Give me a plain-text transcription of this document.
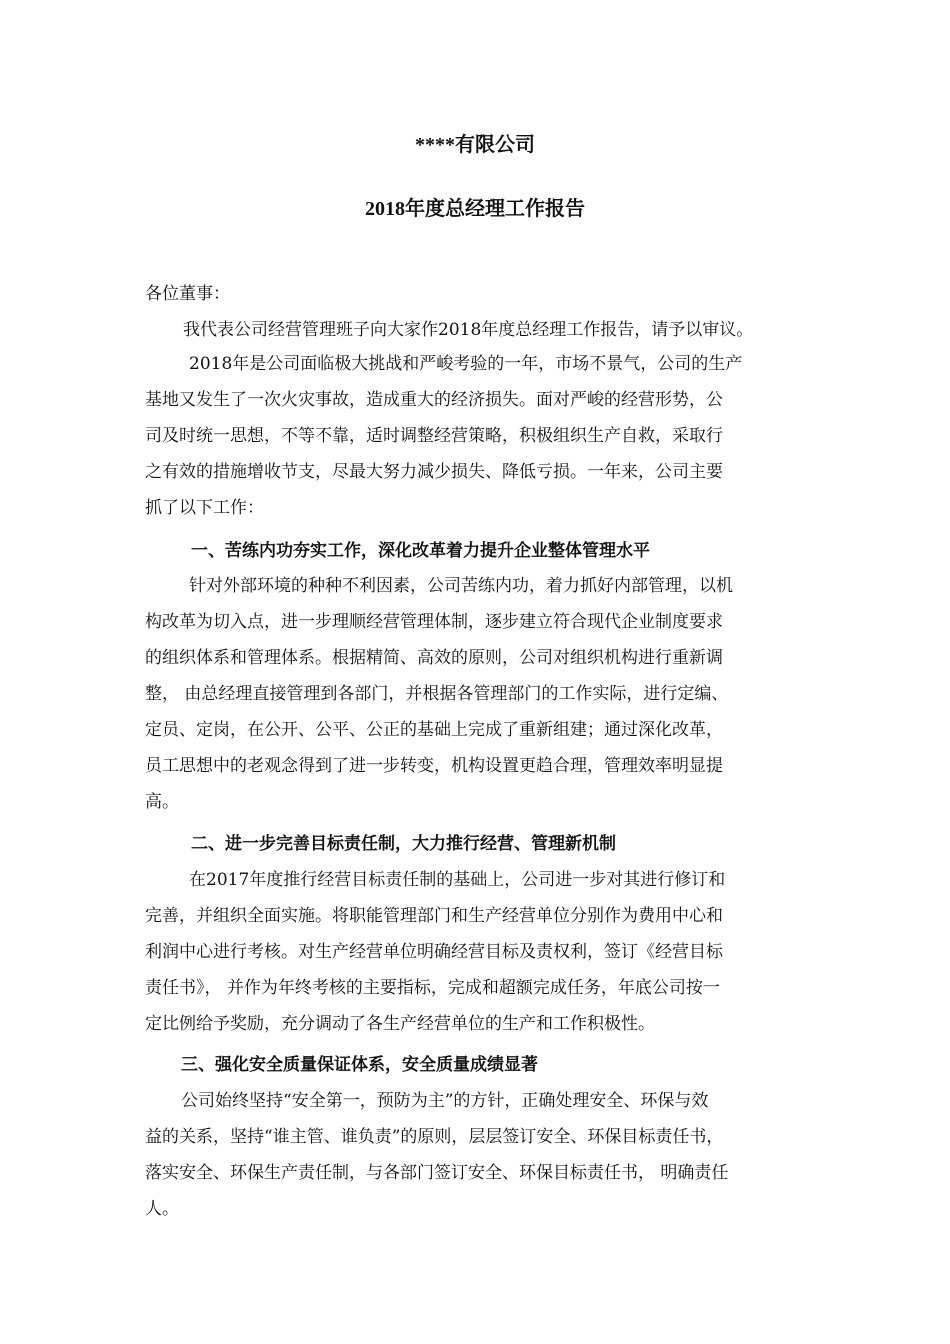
****有限公司
2018年度总经理工作报告

各位董事：

我代表公司经营管理班子向大家作2018年度总经理工作报告，请予以审议。

2018年是公司面临极大挑战和严峻考验的一年，市场不景气，公司的生产
基地又发生了一次火灾事故，造成重大的经济损失。面对严峻的经营形势，公
司及时统一思想，不等不靠，适时调整经营策略，积极组织生产自救，采取行
之有效的措施增收节支，尽最大努力减少损失、降低亏损。一年来，公司主要
抓了以下工作：

一、苦练内功夯实工作，深化改革着力提升企业整体管理水平

针对外部环境的种种不利因素，公司苦练内功，着力抓好内部管理，以机
构改革为切入点，进一步理顺经营管理体制，逐步建立符合现代企业制度要求
的组织体系和管理体系。根据精简、高效的原则，公司对组织机构进行重新调
整， 由总经理直接管理到各部门，并根据各管理部门的工作实际，进行定编、
定员、定岗，在公开、公平、公正的基础上完成了重新组建；通过深化改革，
员工思想中的老观念得到了进一步转变，机构设置更趋合理，管理效率明显提
高。

二、进一步完善目标责任制，大力推行经营、管理新机制

在2017年度推行经营目标责任制的基础上，公司进一步对其进行修订和
完善，并组织全面实施。将职能管理部门和生产经营单位分别作为费用中心和
利润中心进行考核。对生产经营单位明确经营目标及责权利，签订《经营目标
责任书》， 并作为年终考核的主要指标，完成和超额完成任务，年底公司按一
定比例给予奖励，充分调动了各生产经营单位的生产和工作积极性。

三、强化安全质量保证体系，安全质量成绩显著

公司始终坚持“安全第一，预防为主”的方针，正确处理安全、环保与效
益的关系，坚持“谁主管、谁负责”的原则，层层签订安全、环保目标责任书，
落实安全、环保生产责任制，与各部门签订安全、环保目标责任书， 明确责任
人。
